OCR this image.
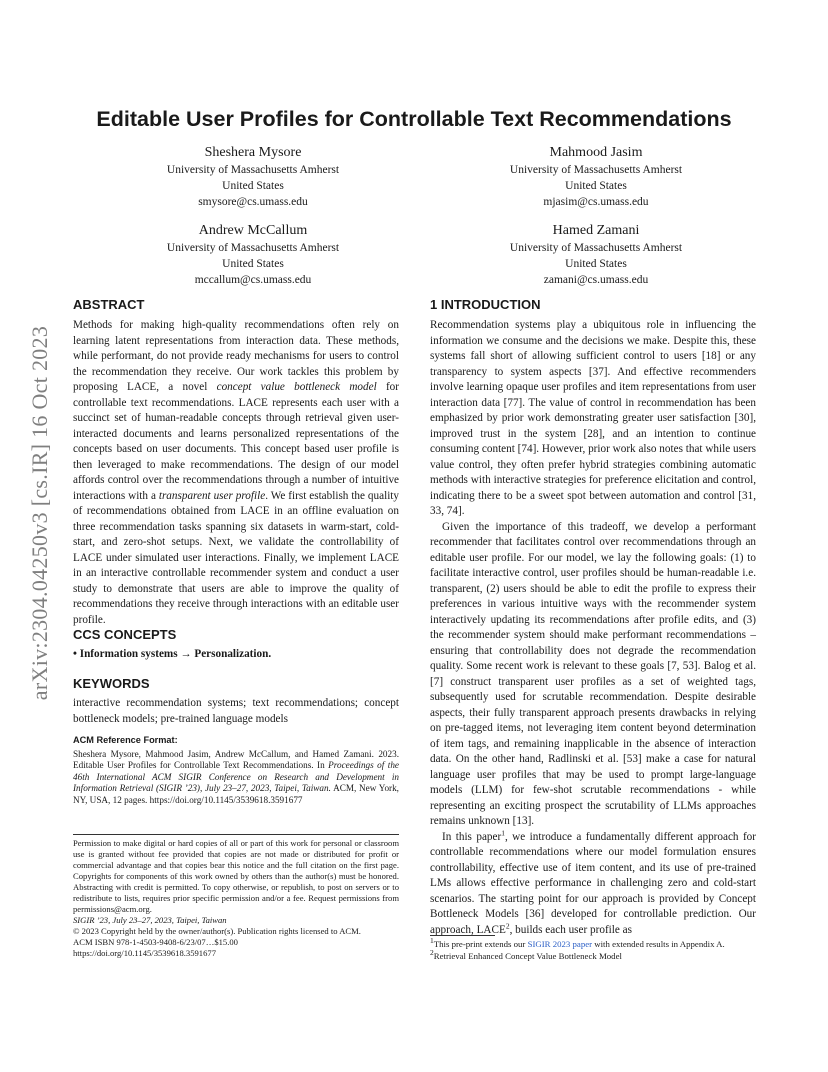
arXiv:2304.04250v3 [cs.IR] 16 Oct 2023
Editable User Profiles for Controllable Text Recommendations
Sheshera Mysore
University of Massachusetts Amherst
United States
smysore@cs.umass.edu
Mahmood Jasim
University of Massachusetts Amherst
United States
mjasim@cs.umass.edu
Andrew McCallum
University of Massachusetts Amherst
United States
mccallum@cs.umass.edu
Hamed Zamani
University of Massachusetts Amherst
United States
zamani@cs.umass.edu
ABSTRACT

Methods for making high-quality recommendations often rely on learning latent representations from interaction data. These methods, while performant, do not provide ready mechanisms for users to control the recommendation they receive. Our work tackles this problem by proposing LACE, a novel concept value bottleneck model for controllable text recommendations. LACE represents each user with a succinct set of human-readable concepts through retrieval given user-interacted documents and learns personalized representations of the concepts based on user documents. This concept based user profile is then leveraged to make recommendations. The design of our model affords control over the recommendations through a number of intuitive interactions with a transparent user profile. We first establish the quality of recommendations obtained from LACE in an offline evaluation on three recommendation tasks spanning six datasets in warm-start, cold-start, and zero-shot setups. Next, we validate the controllability of LACE under simulated user interactions. Finally, we implement LACE in an interactive controllable recommender system and conduct a user study to demonstrate that users are able to improve the quality of recommendations they receive through interactions with an editable user profile.

CCS CONCEPTS
• Information systems → Personalization.
KEYWORDS
interactive recommendation systems; text recommendations; concept bottleneck models; pre-trained language models
ACM Reference Format:
Sheshera Mysore, Mahmood Jasim, Andrew McCallum, and Hamed Zamani. 2023. Editable User Profiles for Controllable Text Recommendations. In Proceedings of the 46th International ACM SIGIR Conference on Research and Development in Information Retrieval (SIGIR ’23), July 23–27, 2023, Taipei, Taiwan. ACM, New York, NY, USA, 12 pages. https://doi.org/10.1145/3539618.3591677
Permission to make digital or hard copies of all or part of this work for personal or classroom use is granted without fee provided that copies are not made or distributed for profit or commercial advantage and that copies bear this notice and the full citation on the first page. Copyrights for components of this work owned by others than the author(s) must be honored. Abstracting with credit is permitted. To copy otherwise, or republish, to post on servers or to redistribute to lists, requires prior specific permission and/or a fee. Request permissions from permissions@acm.org.
SIGIR ’23, July 23–27, 2023, Taipei, Taiwan
© 2023 Copyright held by the owner/author(s). Publication rights licensed to ACM.
ACM ISBN 978-1-4503-9408-6/23/07…$15.00
https://doi.org/10.1145/3539618.3591677
1 INTRODUCTION

Recommendation systems play a ubiquitous role in influencing the information we consume and the decisions we make. Despite this, these systems fall short of allowing sufficient control to users [18] or any transparency to system aspects [37]. And effective recommenders involve learning opaque user profiles and item representations from user interaction data [77]. The value of control in recommendation has been emphasized by prior work demonstrating greater user satisfaction [30], improved trust in the system [28], and an intention to continue consuming content [74]. However, prior work also notes that while users value control, they often prefer hybrid strategies combining automatic methods with interactive strategies for preference elicitation and control, indicating there to be a sweet spot between automation and control [31, 33, 74].

Given the importance of this tradeoff, we develop a performant recommender that facilitates control over recommendations through an editable user profile. For our model, we lay the following goals: (1) to facilitate interactive control, user profiles should be human-readable i.e. transparent, (2) users should be able to edit the profile to express their preferences in various intuitive ways with the recommender system interactively updating its recommendations after profile edits, and (3) the recommender system should make performant recommendations – ensuring that controllability does not degrade the recommendation quality. Some recent work is relevant to these goals [7, 53]. Balog et al. [7] construct transparent user profiles as a set of weighted tags, subsequently used for scrutable recommendation. Despite desirable aspects, their fully transparent approach presents drawbacks in relying on pre-tagged items, not leveraging item content beyond determination of item tags, and remaining inapplicable in the absence of interaction data. On the other hand, Radlinski et al. [53] make a case for natural language user profiles that may be used to prompt large-language models (LLM) for few-shot scrutable recommendations - while representing an exciting prospect the scrutability of LLMs approaches remains unknown [13].

In this paper$^1$, we introduce a fundamentally different approach for controllable recommendations where our model formulation ensures controllability, effective use of item content, and its use of pre-trained LMs allows effective performance in challenging zero and cold-start scenarios. The starting point for our approach is provided by Concept Bottleneck Models [36] developed for controllable prediction. Our approach, LACE$^2$, builds each user profile as

$^1$This pre-print extends our SIGIR 2023 paper with extended results in Appendix A.
$^2$Retrieval Enhanced Concept Value Bottleneck Model
